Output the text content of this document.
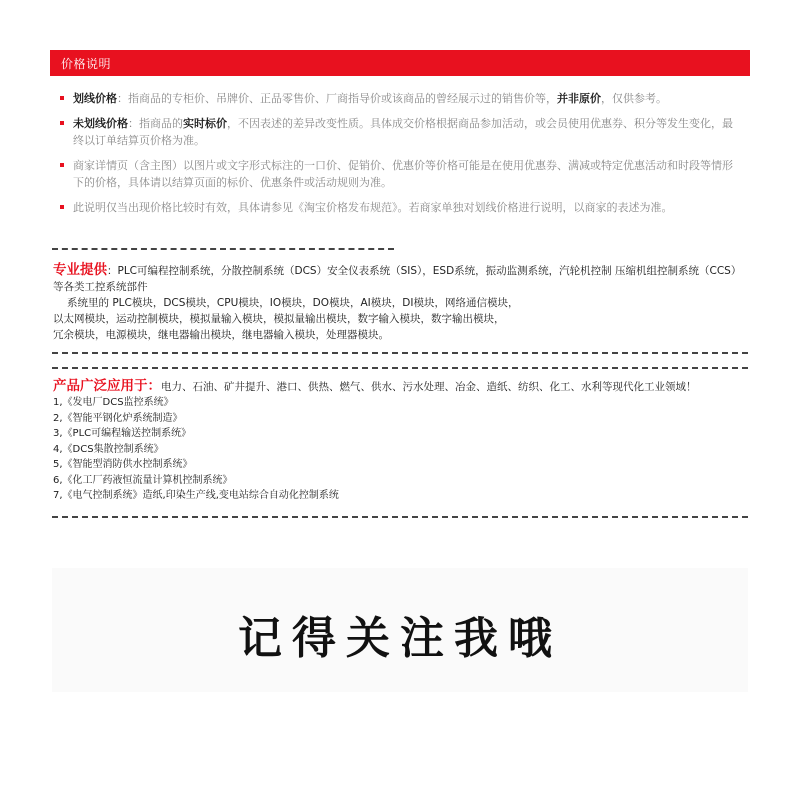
价格说明
划线价格：指商品的专柜价、吊牌价、正品零售价、厂商指导价或该商品的曾经展示过的销售价等，并非原价，仅供参考。
未划线价格：指商品的实时标价，不因表述的差异改变性质。具体成交价格根据商品参加活动，或会员使用优惠券、积分等发生变化，最终以订单结算页价格为准。
商家详情页（含主图）以图片或文字形式标注的一口价、促销价、优惠价等价格可能是在使用优惠券、满减或特定优惠活动和时段等情形下的价格，具体请以结算页面的标价、优惠条件或活动规则为准。
此说明仅当出现价格比较时有效，具体请参见《淘宝价格发布规范》。若商家单独对划线价格进行说明，以商家的表述为准。
专业提供：PLC可编程控制系统，分散控制系统（DCS）安全仪表系统（SIS），ESD系统，振动监测系统，汽轮机控制 压缩机组控制系统（CCS）
等各类工控系统部件
系统里的 PLC模块，DCS模块，CPU模块，IO模块，DO模块，AI模块，DI模块，网络通信模块，
以太网模块，运动控制模块，模拟量输入模块，模拟量输出模块，数字输入模块，数字输出模块，
冗余模块，电源模块，继电器输出模块，继电器输入模块，处理器模块。
产品广泛应用于：电力、石油、矿井提升、港口、供热、燃气、供水、污水处理、冶金、造纸、纺织、化工、水利等现代化工业领域！
1,《发电厂DCS监控系统》
2,《智能平钢化炉系统制造》
3,《PLC可编程输送控制系统》
4,《DCS集散控制系统》
5,《智能型消防供水控制系统》
6,《化工厂药液恒流量计算机控制系统》
7,《电气控制系统》造纸,印染生产线,变电站综合自动化控制系统
记得关注我哦
